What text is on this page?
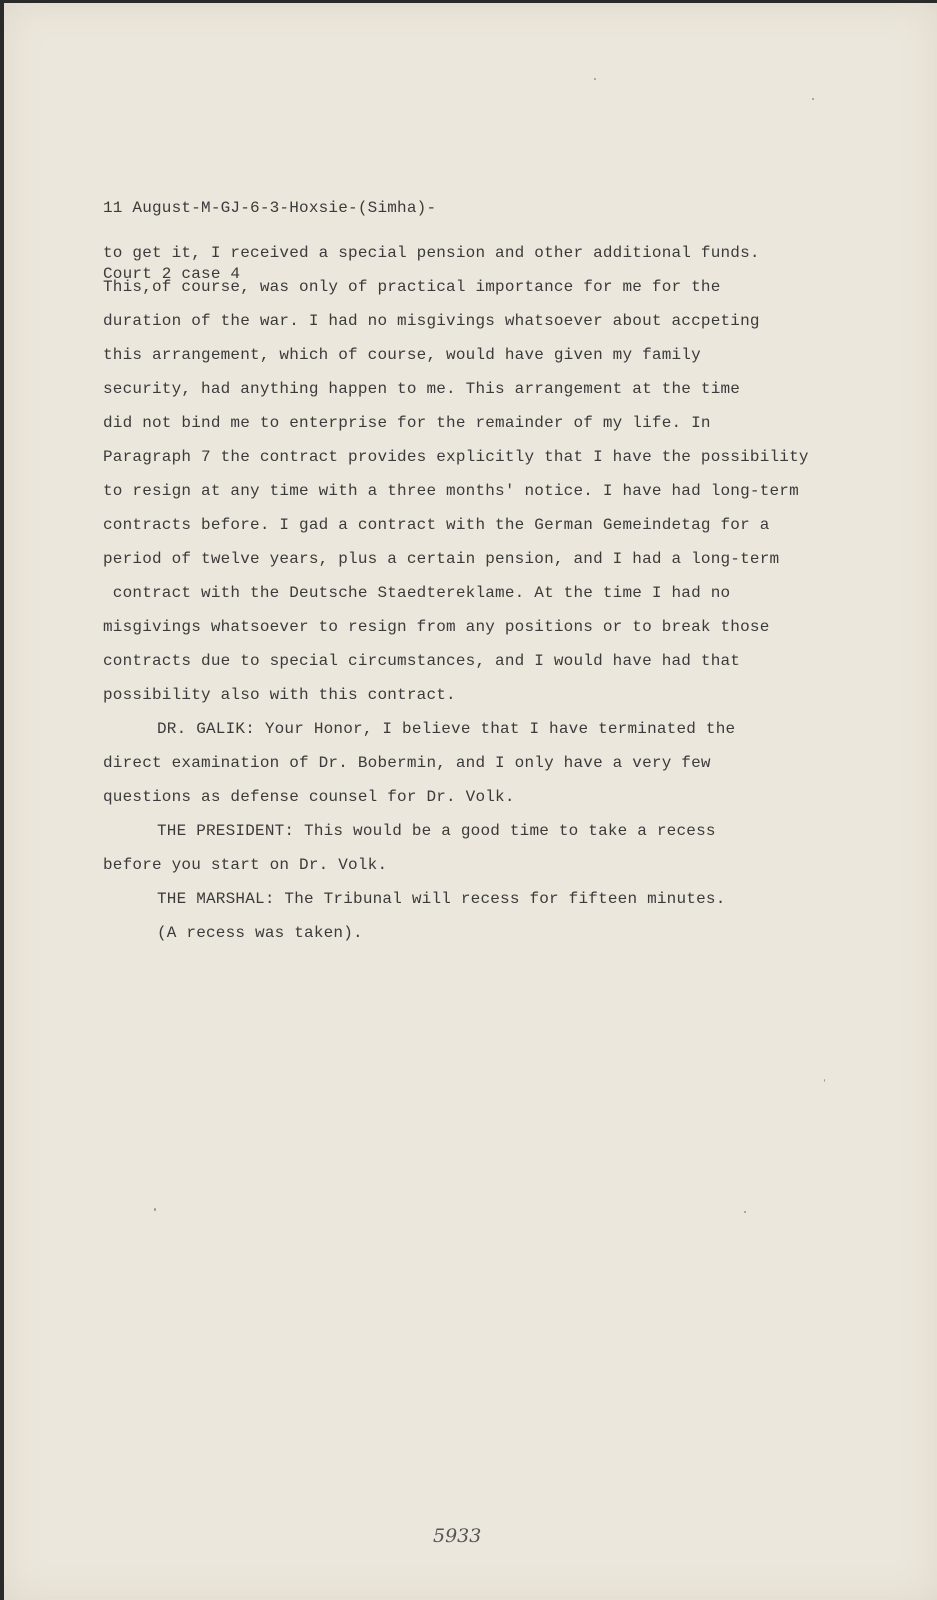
11 August-M-GJ-6-3-Hoxsie-(Simha)-

Court 2 case 4

to get it, I received a special pension and other additional funds.
This,of course, was only of practical importance for me for the
duration of the war. I had no misgivings whatsoever about accpeting
this arrangement, which of course, would have given my family
security, had anything happen to me. This arrangement at the time
did not bind me to enterprise for the remainder of my life. In
Paragraph 7 the contract provides explicitly that I have the possibility
to resign at any time with a three months' notice. I have had long-term
contracts before. I gad a contract with the German Gemeindetag for a
period of twelve years, plus a certain pension, and I had a long-term
contract with the Deutsche Staedtereklame. At the time I had no
misgivings whatsoever to resign from any positions or to break those
contracts due to special circumstances, and I would have had that
possibility also with this contract.
DR. GALIK: Your Honor, I believe that I have terminated the
direct examination of Dr. Bobermin, and I only have a very few
questions as defense counsel for Dr. Volk.
THE PRESIDENT: This would be a good time to take a recess
before you start on Dr. Volk.
THE MARSHAL: The Tribunal will recess for fifteen minutes.
(A recess was taken).
5933
